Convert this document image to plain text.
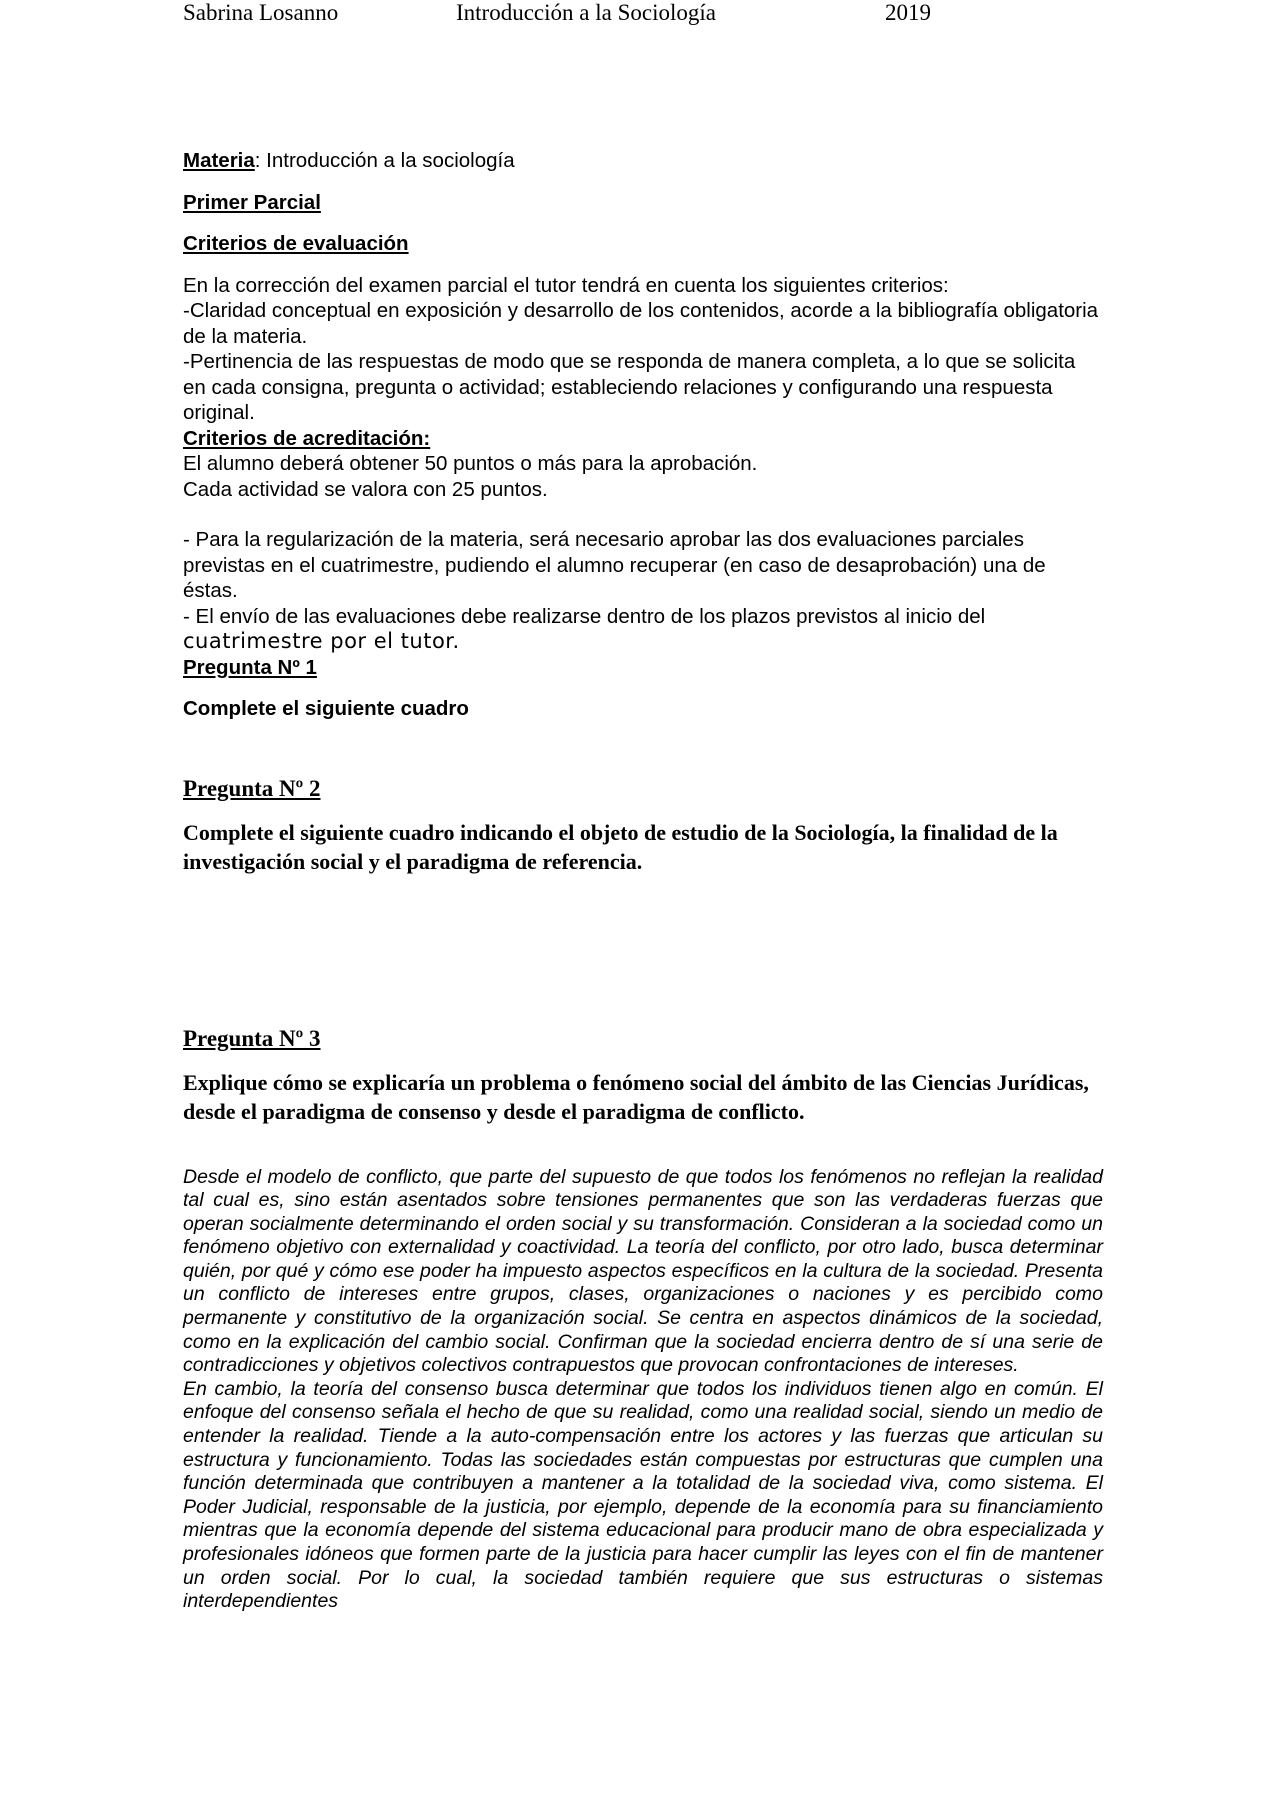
Sabrina Losanno	Introducción a la Sociología	2019

Materia: Introducción a la sociología

Primer Parcial

Criterios de evaluación

En la corrección del examen parcial el tutor tendrá en cuenta los siguientes criterios:

-Claridad conceptual en exposición y desarrollo de los contenidos, acorde a la bibliografía obligatoria de la materia.

-Pertinencia de las respuestas de modo que se responda de manera completa, a lo que se solicita en cada consigna, pregunta o actividad; estableciendo relaciones y configurando una respuesta original.

Criterios de acreditación:

El alumno deberá obtener 50 puntos o más para la aprobación.

Cada actividad se valora con 25 puntos.

- Para la regularización de la materia, será necesario aprobar las dos evaluaciones parciales previstas en el cuatrimestre, pudiendo el alumno recuperar (en caso de desaprobación) una de éstas.

- El envío de las evaluaciones debe realizarse dentro de los plazos previstos al inicio del
cuatrimestre por el tutor.

Pregunta Nº 1

Complete el siguiente cuadro

Pregunta Nº 2

Complete el siguiente cuadro indicando el objeto de estudio de la Sociología, la finalidad de la investigación social y el paradigma de referencia.

Pregunta Nº 3

Explique cómo se explicaría un problema o fenómeno social del ámbito de las Ciencias Jurídicas, desde el paradigma de consenso y desde el paradigma de conflicto.

Desde el modelo de conflicto, que parte del supuesto de que todos los fenómenos no reflejan la realidad tal cual es, sino están asentados sobre tensiones permanentes que son las verdaderas fuerzas que operan socialmente determinando el orden social y su transformación. Consideran a la sociedad como un fenómeno objetivo con externalidad y coactividad. La teoría del conflicto, por otro lado, busca determinar quién, por qué y cómo ese poder ha impuesto aspectos específicos en la cultura de la sociedad. Presenta un conflicto de intereses entre grupos, clases, organizaciones o naciones y es percibido como permanente y constitutivo de la organización social. Se centra en aspectos dinámicos de la sociedad, como en la explicación del cambio social. Confirman que la sociedad encierra dentro de sí una serie de contradicciones y objetivos colectivos contrapuestos que provocan confrontaciones de intereses.

En cambio, la teoría del consenso busca determinar que todos los individuos tienen algo en común. El enfoque del consenso señala el hecho de que su realidad, como una realidad social, siendo un medio de entender la realidad. Tiende a la auto-compensación entre los actores y las fuerzas que articulan su estructura y funcionamiento. Todas las sociedades están compuestas por estructuras que cumplen una función determinada que contribuyen a mantener a la totalidad de la sociedad viva, como sistema. El Poder Judicial, responsable de la justicia, por ejemplo, depende de la economía para su financiamiento mientras que la economía depende del sistema educacional para producir mano de obra especializada y profesionales idóneos que formen parte de la justicia para hacer cumplir las leyes con el fin de mantener un orden social. Por lo cual, la sociedad también requiere que sus estructuras o sistemas interdependientes
